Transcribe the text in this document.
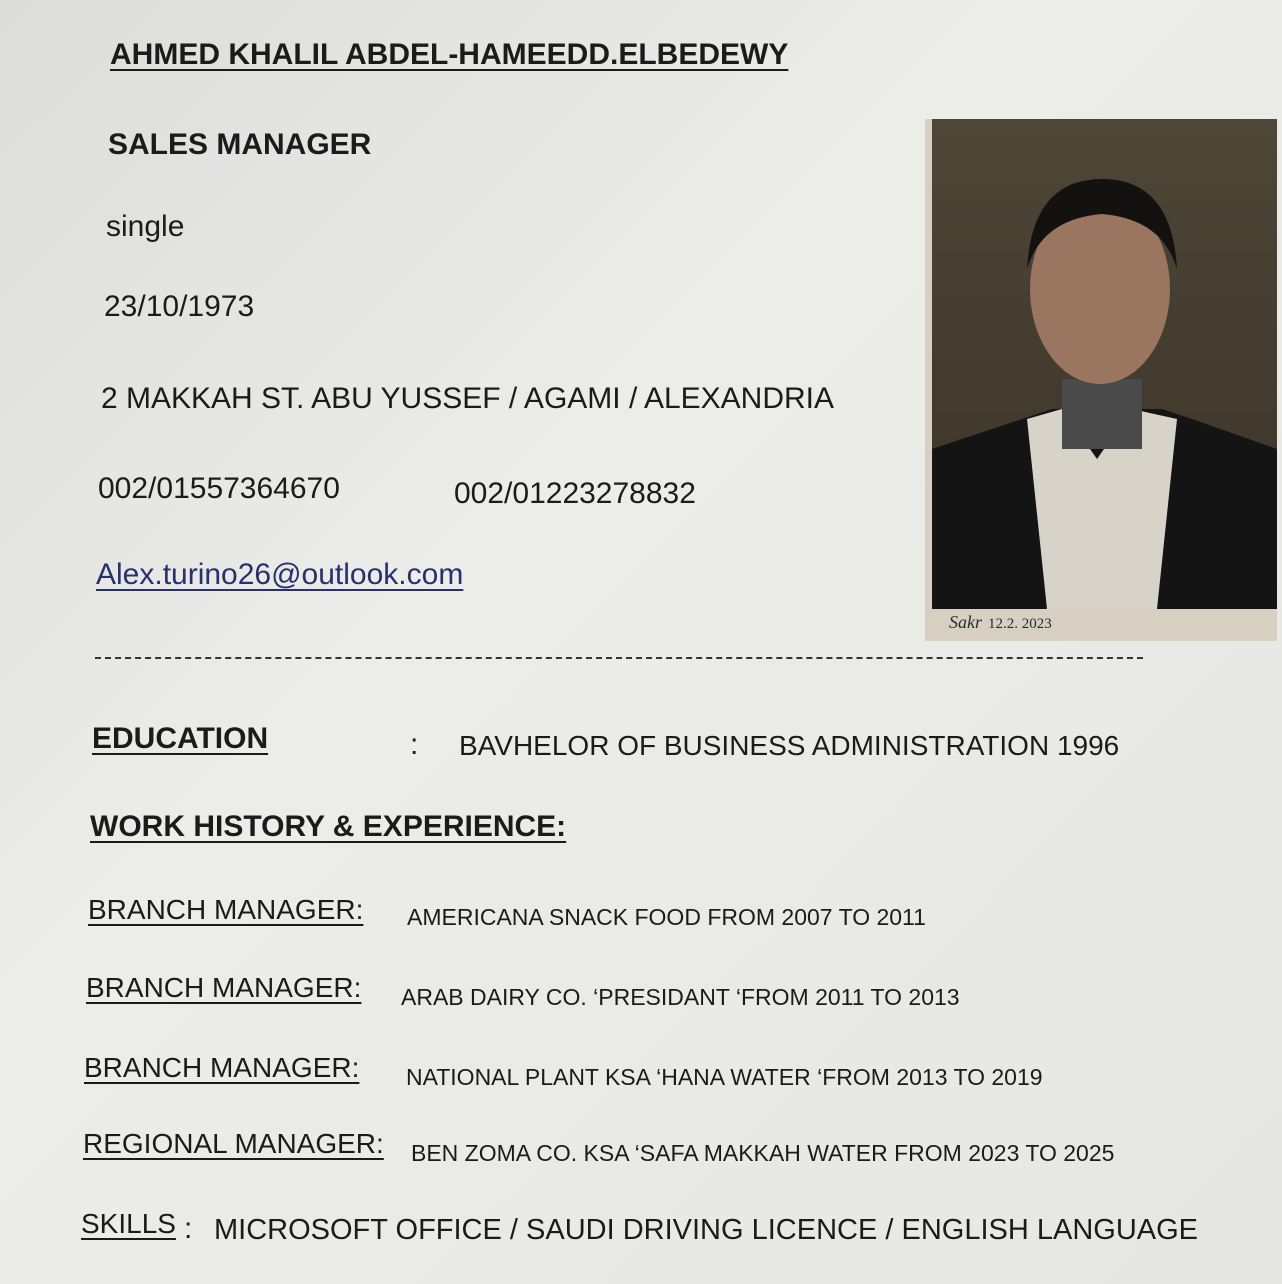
AHMED KHALIL ABDEL-HAMEEDD.ELBEDEWY
SALES MANAGER
single
23/10/1973
2 MAKKAH ST. ABU YUSSEF / AGAMI / ALEXANDRIA
002/01557364670	002/01223278832
Alex.turino26@outlook.com
Sakr 12.2. 2023
EDUCATION	: BAVHELOR OF BUSINESS ADMINISTRATION 1996
WORK HISTORY & EXPERIENCE:
BRANCH MANAGER: AMERICANA SNACK FOOD FROM 2007 TO 2011
BRANCH MANAGER: ARAB DAIRY CO. ‘PRESIDANT ‘FROM 2011 TO 2013
BRANCH MANAGER: NATIONAL PLANT KSA ‘HANA WATER ‘FROM 2013 TO 2019
REGIONAL MANAGER: BEN ZOMA CO. KSA ‘SAFA MAKKAH WATER FROM 2023 TO 2025
SKILLS : MICROSOFT OFFICE / SAUDI DRIVING LICENCE / ENGLISH LANGUAGE
